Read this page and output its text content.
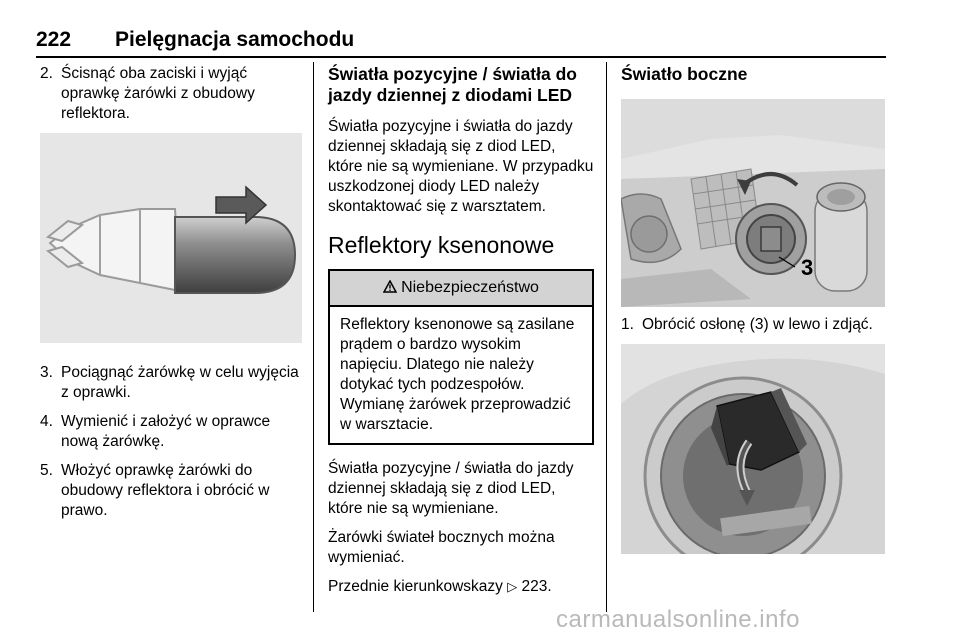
222 Pielęgnacja samochodu
2. Ścisnąć oba zaciski i wyjąć oprawkę żarówki z obudowy reflektora.
3. Pociągnąć żarówkę w celu wyjęcia z oprawki.
4. Wymienić i założyć w oprawce nową żarówkę.
5. Włożyć oprawkę żarówki do obudowy reflektora i obrócić w prawo.
Światła pozycyjne / światła do jazdy dziennej z diodami LED

Światła pozycyjne i światła do jazdy dziennej składają się z diod LED, które nie są wymieniane. W przypadku uszkodzonej diody LED należy skontaktować się z warsztatem.

Reflektory ksenonowe
Niebezpieczeństwo
Reflektory ksenonowe są zasilane prądem o bardzo wysokim napięciu. Dlatego nie należy dotykać tych podzespołów. Wymianę żarówek przeprowadzić w warsztacie.

Światła pozycyjne / światła do jazdy dziennej składają się z diod LED, które nie są wymieniane.

Żarówki świateł bocznych można wymieniać.

Przednie kierunkowskazy ▷ 223.

Światło boczne
3
1. Obrócić osłonę (3) w lewo i zdjąć.
carmanualsonline.info
